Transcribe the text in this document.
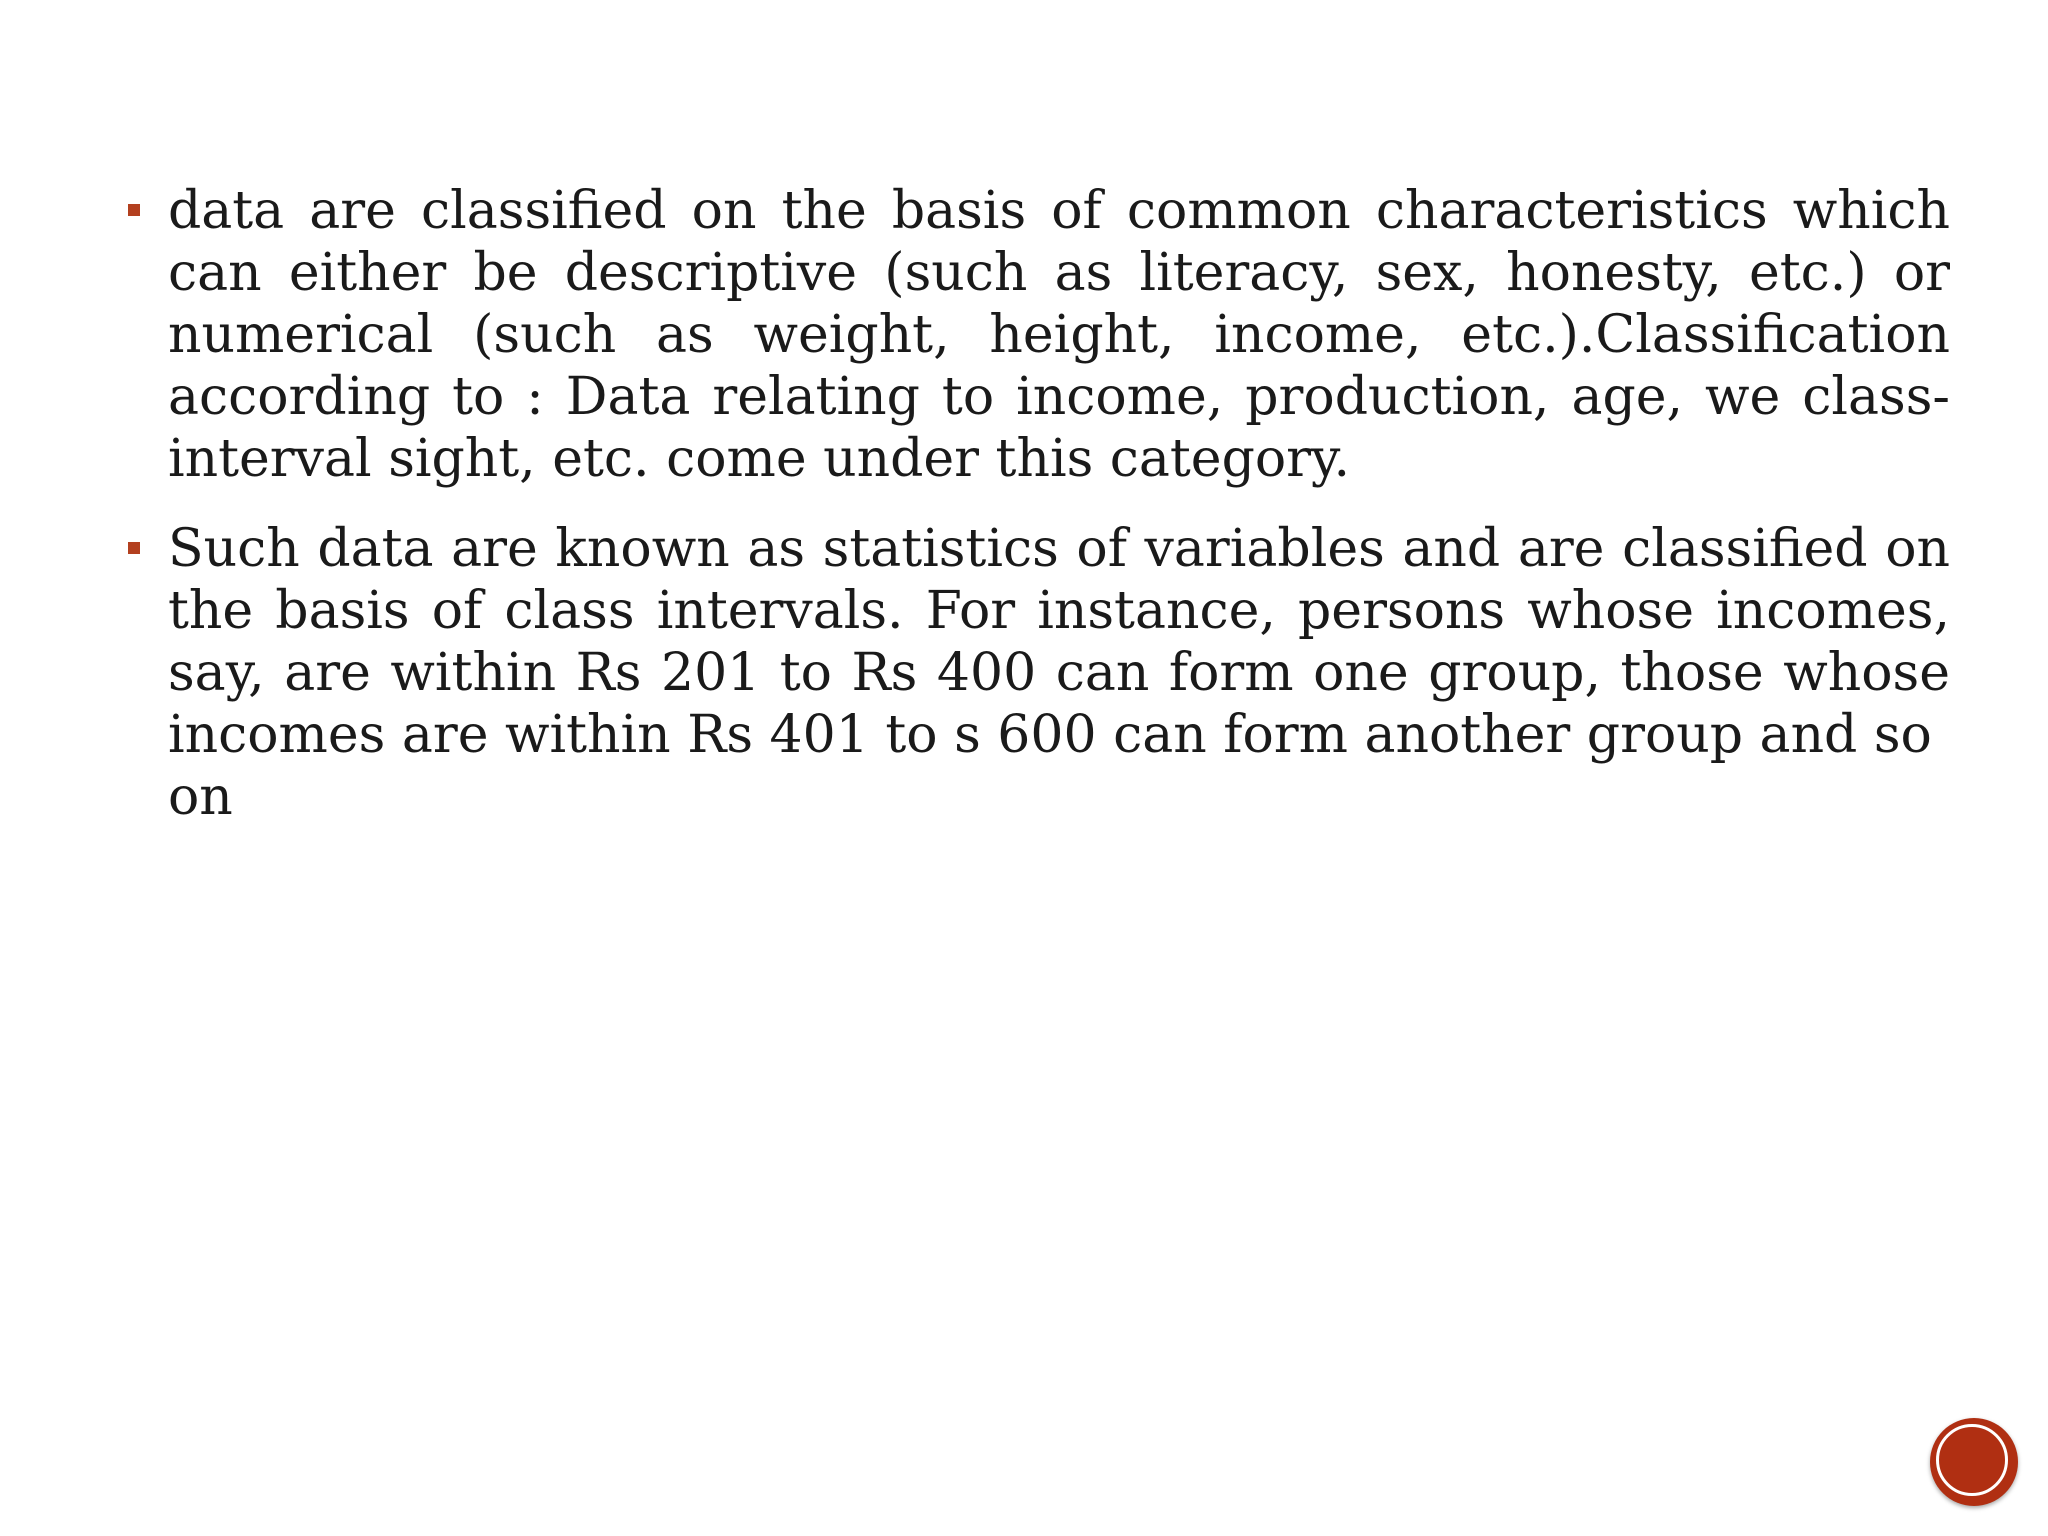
data are classified on the basis of common characteristics which can either be descriptive (such as literacy, sex, honesty, etc.) or numerical (such as weight, height, income, etc.).Classification according to : Data relating to income, production, age, we class-interval sight, etc. come under this category.
Such data are known as statistics of variables and are classified on the basis of class intervals. For instance, persons whose incomes, say, are within Rs 201 to Rs 400 can form one group, those whose incomes are within Rs 401 to s 600 can form another group and so
on
